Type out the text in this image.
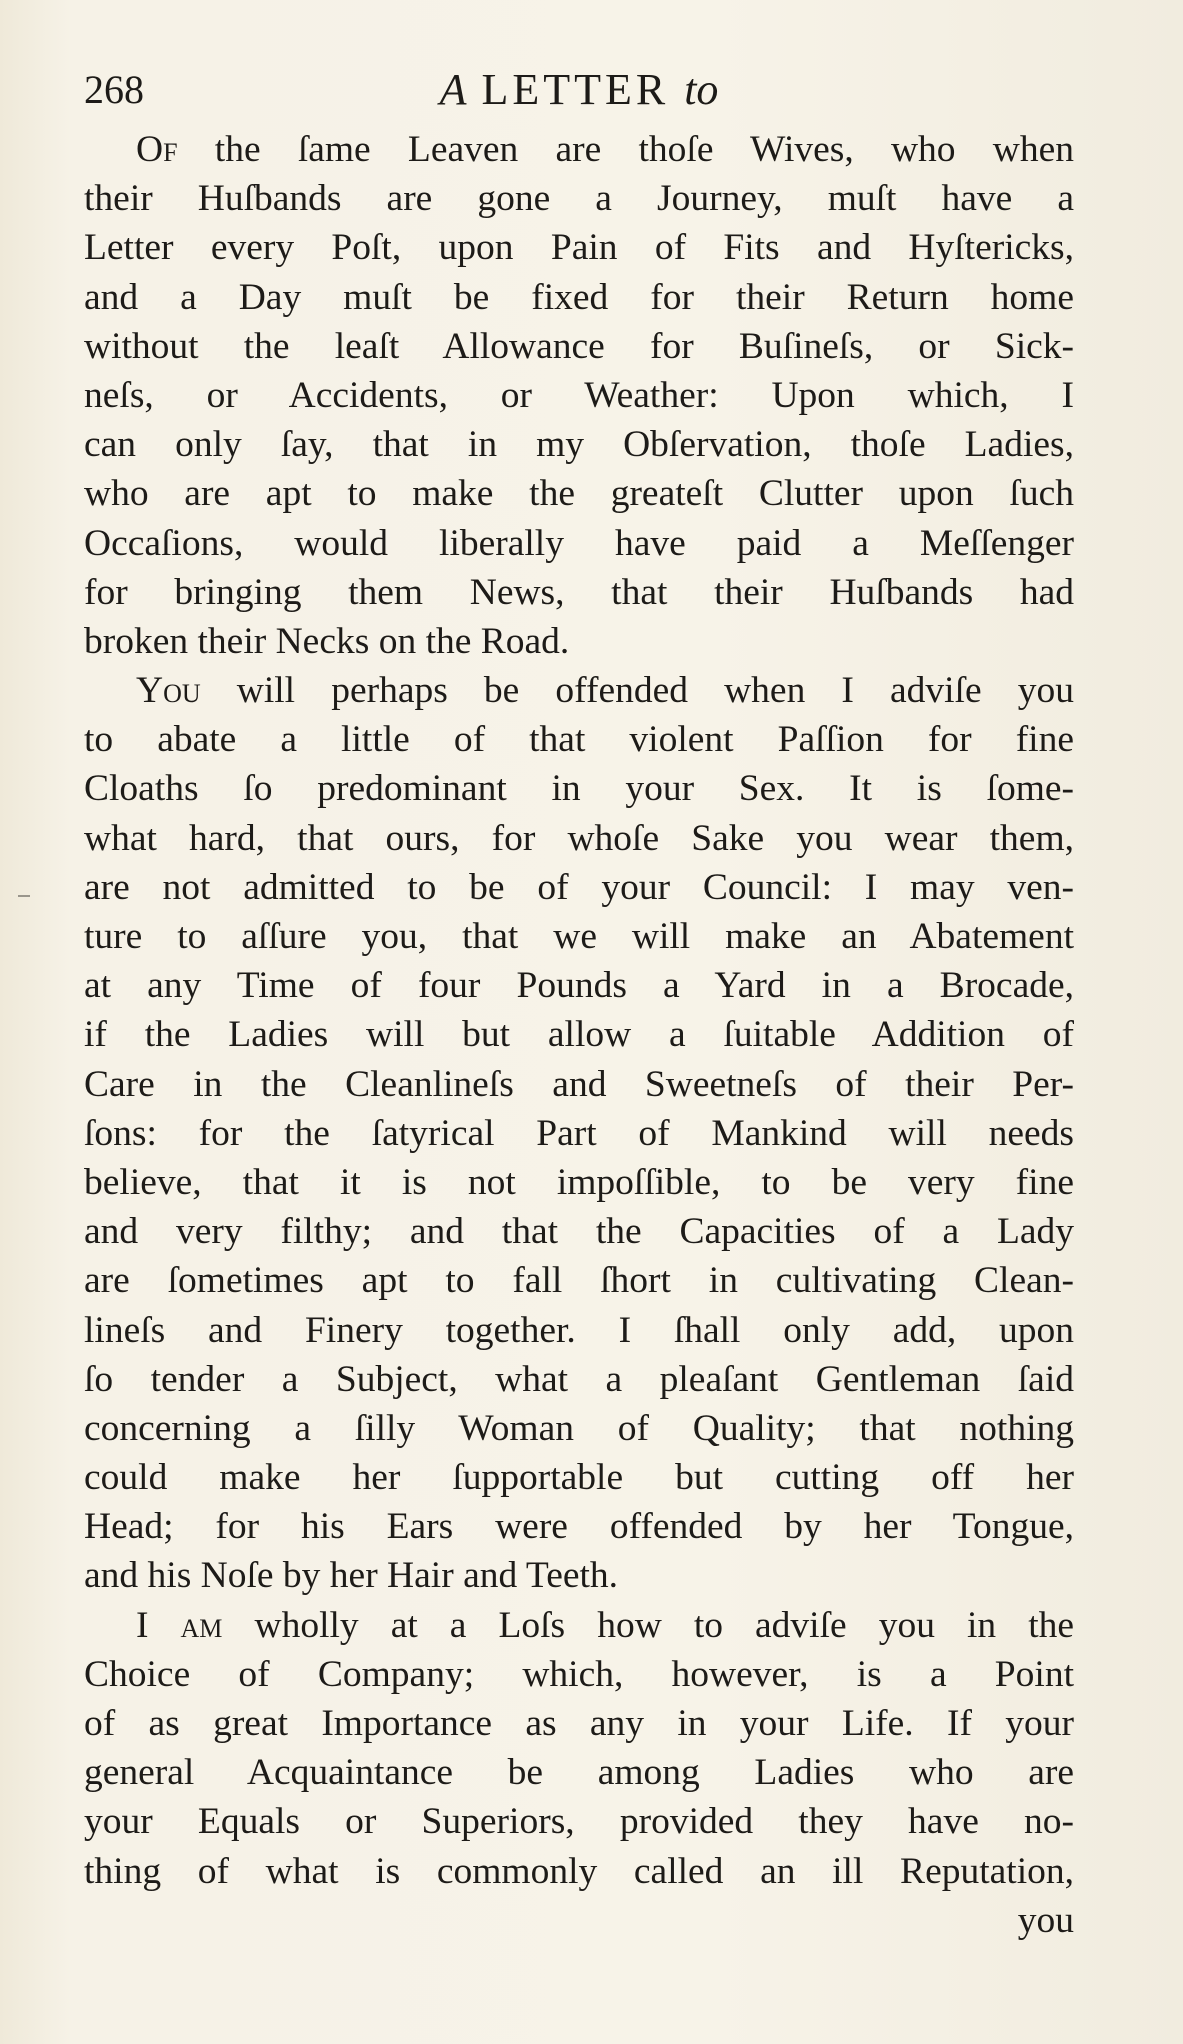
268	A LETTER to
Of the ſame Leaven are thoſe Wives, who when
their Huſbands are gone a Journey, muſt have a
Letter every Poſt, upon Pain of Fits and Hyſtericks,
and a Day muſt be fixed for their Return home
without the leaſt Allowance for Buſineſs, or Sick-
neſs, or Accidents, or Weather: Upon which, I
can only ſay, that in my Obſervation, thoſe Ladies,
who are apt to make the greateſt Clutter upon ſuch
Occaſions, would liberally have paid a Meſſenger
for bringing them News, that their Huſbands had
broken their Necks on the Road.
You will perhaps be offended when I adviſe you
to abate a little of that violent Paſſion for fine
Cloaths ſo predominant in your Sex. It is ſome-
what hard, that ours, for whoſe Sake you wear them,
are not admitted to be of your Council: I may ven-
ture to aſſure you, that we will make an Abatement
at any Time of four Pounds a Yard in a Brocade,
if the Ladies will but allow a ſuitable Addition of
Care in the Cleanlineſs and Sweetneſs of their Per-
ſons: for the ſatyrical Part of Mankind will needs
believe, that it is not impoſſible, to be very fine
and very filthy; and that the Capacities of a Lady
are ſometimes apt to fall ſhort in cultivating Clean-
lineſs and Finery together. I ſhall only add, upon
ſo tender a Subject, what a pleaſant Gentleman ſaid
concerning a ſilly Woman of Quality; that nothing
could make her ſupportable but cutting off her
Head; for his Ears were offended by her Tongue,
and his Noſe by her Hair and Teeth.
I am wholly at a Loſs how to adviſe you in the
Choice of Company; which, however, is a Point
of as great Importance as any in your Life. If your
general Acquaintance be among Ladies who are
your Equals or Superiors, provided they have no-
thing of what is commonly called an ill Reputation,
you
